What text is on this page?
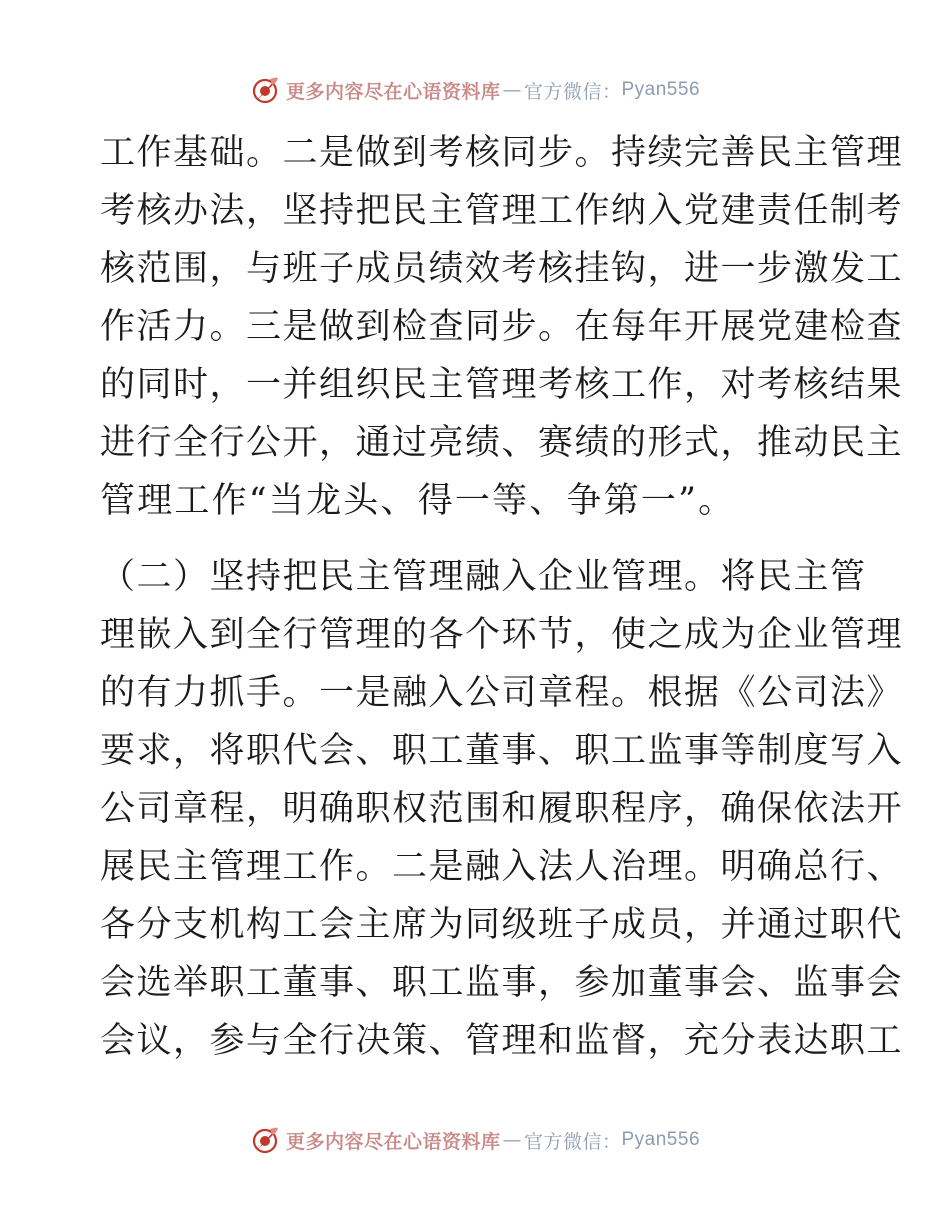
更多内容尽在心语资料库 — 官方微信： Pyan556
工作基础。二是做到考核同步。持续完善民主管理
考核办法，坚持把民主管理工作纳入党建责任制考
核范围，与班子成员绩效考核挂钩，进一步激发工
作活力。三是做到检查同步。在每年开展党建检查
的同时，一并组织民主管理考核工作，对考核结果
进行全行公开，通过亮绩、赛绩的形式，推动民主
管理工作“当龙头、得一等、争第一”。
（二）坚持把民主管理融入企业管理。将民主管
理嵌入到全行管理的各个环节，使之成为企业管理
的有力抓手。一是融入公司章程。根据《公司法》
要求，将职代会、职工董事、职工监事等制度写入
公司章程，明确职权范围和履职程序，确保依法开
展民主管理工作。二是融入法人治理。明确总行、
各分支机构工会主席为同级班子成员，并通过职代
会选举职工董事、职工监事，参加董事会、监事会
会议，参与全行决策、管理和监督，充分表达职工
更多内容尽在心语资料库 — 官方微信： Pyan556
